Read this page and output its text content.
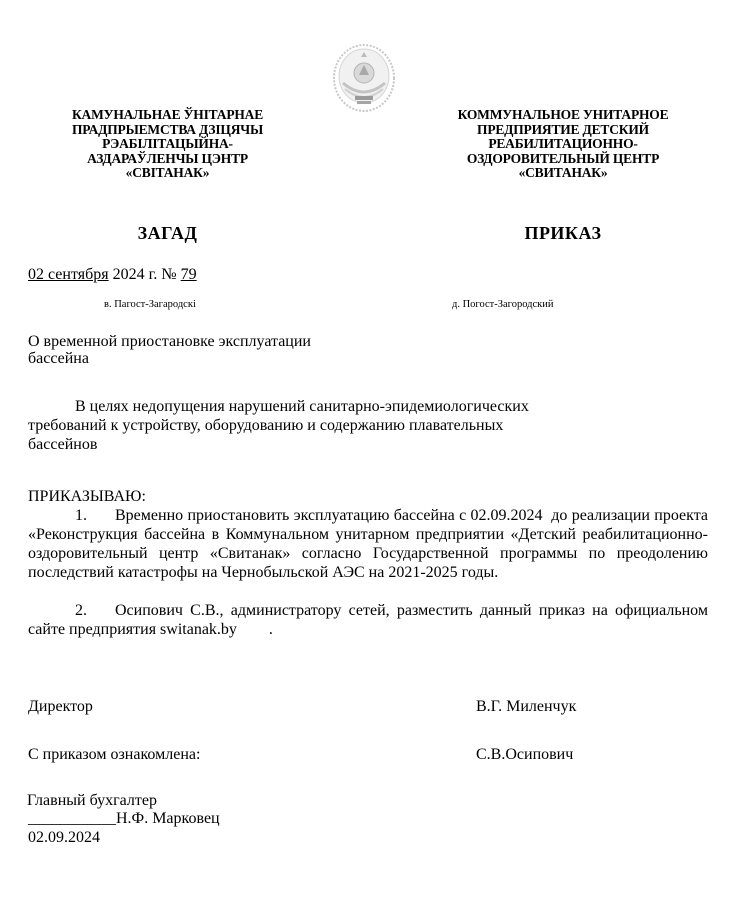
КАМУНАЛЬНАЕ ЎНІТАРНАЕ
ПРАДПРЫЕМСТВА ДЗІЦЯЧЫ
РЭАБІЛІТАЦЫЙНА-
АЗДАРАЎЛЕНЧЫ ЦЭНТР
«СВІТАНАК»
КОММУНАЛЬНОЕ УНИТАРНОЕ
ПРЕДПРИЯТИЕ ДЕТСКИЙ
РЕАБИЛИТАЦИОННО-
ОЗДОРОВИТЕЛЬНЫЙ ЦЕНТР
«СВИТАНАК»
ЗАГАД	ПРИКАЗ
02 сентября 2024 г. № 79
в. Пагост-Загародскі	д. Погост-Загородский
О временной приостановке эксплуатации
бассейна
В целях недопущения нарушений санитарно-эпидемиологических
требований к устройству, оборудованию и содержанию плавательных
бассейнов
ПРИКАЗЫВАЮ:
1. Временно приостановить эксплуатацию бассейна с 02.09.2024  до реализации проекта «Реконструкция бассейна в Коммунальном унитарном предприятии «Детский реабилитационно-оздоровительный центр «Свитанак» согласно Государственной программы по преодолению последствий катастрофы на Чернобыльской АЭС на 2021-2025 годы.
2. Осипович С.В., администратору сетей, разместить данный приказ на официальном сайте предприятия switanak.by        .
Директор	В.Г. Миленчук
С приказом ознакомлена:	С.В.Осипович
Главный бухгалтер
___________Н.Ф. Марковец
02.09.2024
